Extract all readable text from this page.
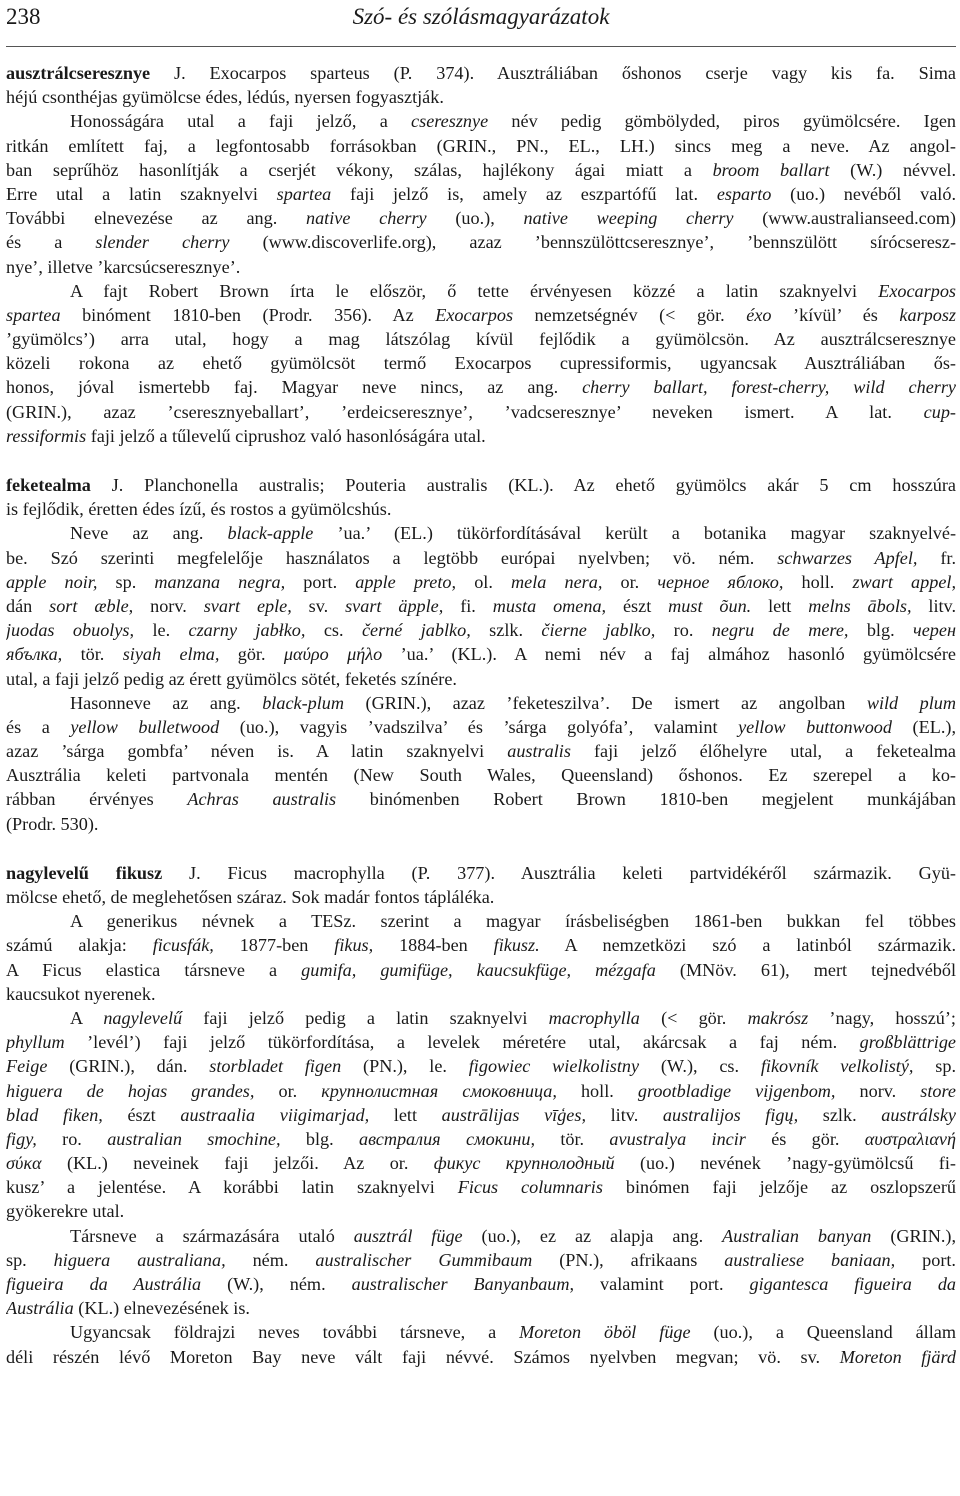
238	Szó- és szólásmagyarázatok
ausztrálcseresznye J. Exocarpos sparteus (P. 374). Ausztráliában őshonos cserje vagy kis fa. Sima
héjú csonthéjas gyümölcse édes, lédús, nyersen fogyasztják.
Honosságára utal a faji jelző, a cseresznye név pedig gömbölyded, piros gyümölcsére. Igen
ritkán említett faj, a legfontosabb forrásokban (GRIN., PN., EL., LH.) sincs meg a neve. Az angol-
ban seprűhöz hasonlítják a cserjét vékony, szálas, hajlékony ágai miatt a broom ballart (W.) névvel.
Erre utal a latin szaknyelvi spartea faji jelző is, amely az eszpartófű lat. esparto (uo.) nevéből való.
További elnevezése az ang. native cherry (uo.), native weeping cherry (www.australianseed.com)
és a slender cherry (www.discoverlife.org), azaz ’bennszülöttcseresznye’, ’bennszülött sírócseresz-
nye’, illetve ’karcsúcseresznye’.
A fajt Robert Brown írta le először, ő tette érvényesen közzé a latin szaknyelvi Exocarpos
spartea binóment 1810-ben (Prodr. 356). Az Exocarpos nemzetségnév (< gör. éxo ’kívül’ és karposz
’gyümölcs’) arra utal, hogy a mag látszólag kívül fejlődik a gyümölcsön. Az ausztrálcseresznye
közeli rokona az ehető gyümölcsöt termő Exocarpos cupressiformis, ugyancsak Ausztráliában ős-
honos, jóval ismertebb faj. Magyar neve nincs, az ang. cherry ballart, forest-cherry, wild cherry
(GRIN.), azaz ’cseresznyeballart’, ’erdeicseresznye’, ’vadcseresznye’ neveken ismert. A lat. cup-
ressiformis faji jelző a tűlevelű ciprushoz való hasonlóságára utal.
feketealma J. Planchonella australis; Pouteria australis (KL.). Az ehető gyümölcs akár 5 cm hosszúra
is fejlődik, éretten édes ízű, és rostos a gyümölcshús.
Neve az ang. black-apple ’ua.’ (EL.) tükörfordításával került a botanika magyar szaknyelvé-
be. Szó szerinti megfelelője használatos a legtöbb európai nyelvben; vö. ném. schwarzes Apfel, fr.
apple noir, sp. manzana negra, port. apple preto, ol. mela nera, or. черное яблоко, holl. zwart appel,
dán sort æble, norv. svart eple, sv. svart äpple, fi. musta omena, észt must õun. lett melns ābols, litv.
juodas obuolys, le. czarny jabłko, cs. černé jablko, szlk. čierne jablko, ro. negru de mere, blg. черен
ябълка, tör. siyah elma, gör. μαύρο μήλο ’ua.’ (KL.). A nemi név a faj almához hasonló gyümölcsére
utal, a faji jelző pedig az érett gyümölcs sötét, feketés színére.
Hasonneve az ang. black-plum (GRIN.), azaz ’feketeszilva’. De ismert az angolban wild plum
és a yellow bulletwood (uo.), vagyis ’vadszilva’ és ’sárga golyófa’, valamint yellow buttonwood (EL.),
azaz ’sárga gombfa’ néven is. A latin szaknyelvi australis faji jelző élőhelyre utal, a feketealma
Ausztrália keleti partvonala mentén (New South Wales, Queensland) őshonos. Ez szerepel a ko-
rábban érvényes Achras australis binómenben Robert Brown 1810-ben megjelent munkájában
(Prodr. 530).
nagylevelű fikusz J. Ficus macrophylla (P. 377). Ausztrália keleti partvidékéről származik. Gyü-
mölcse ehető, de meglehetősen száraz. Sok madár fontos tápláléka.
A generikus névnek a TESz. szerint a magyar írásbeliségben 1861-ben bukkan fel többes
számú alakja: ficusfák, 1877-ben fikus, 1884-ben fikusz. A nemzetközi szó a latinból származik.
A Ficus elastica társneve a gumifa, gumifüge, kaucsukfüge, mézgafa (MNöv. 61), mert tejnedvéből
kaucsukot nyerenek.
A nagylevelű faji jelző pedig a latin szaknyelvi macrophylla (< gör. makrósz ’nagy, hosszú’;
phyllum ’levél’) faji jelző tükörfordítása, a levelek méretére utal, akárcsak a faj ném. großblättrige
Feige (GRIN.), dán. storbladet figen (PN.), le. figowiec wielkolistny (W.), cs. fikovník velkolistý, sp.
higuera de hojas grandes, or. крупнолистная смоковница, holl. grootbladige vijgenbom, norv. store
blad fiken, észt austraalia viigimarjad, lett austrālijas vīģes, litv. australijos figų, szlk. austrálsky
figy, ro. australian smochine, blg. австралия смокини, tör. avustralya incir és gör. αυστραλιανή
σύκα (KL.) neveinek faji jelzői. Az or. фикус крупнолодный (uo.) nevének ’nagy-gyümölcsű fi-
kusz’ a jelentése. A korábbi latin szaknyelvi Ficus columnaris binómen faji jelzője az oszlopszerű
gyökerekre utal.
Társneve a származására utaló ausztrál füge (uo.), ez az alapja ang. Australian banyan (GRIN.),
sp. higuera australiana, ném. australischer Gummibaum (PN.), afrikaans australiese baniaan, port.
figueira da Austrália (W.), ném. australischer Banyanbaum, valamint port. gigantesca figueira da
Austrália (KL.) elnevezésének is.
Ugyancsak földrajzi neves további társneve, a Moreton öböl füge (uo.), a Queensland állam
déli részén lévő Moreton Bay neve vált faji névvé. Számos nyelvben megvan; vö. sv. Moreton fjärd
